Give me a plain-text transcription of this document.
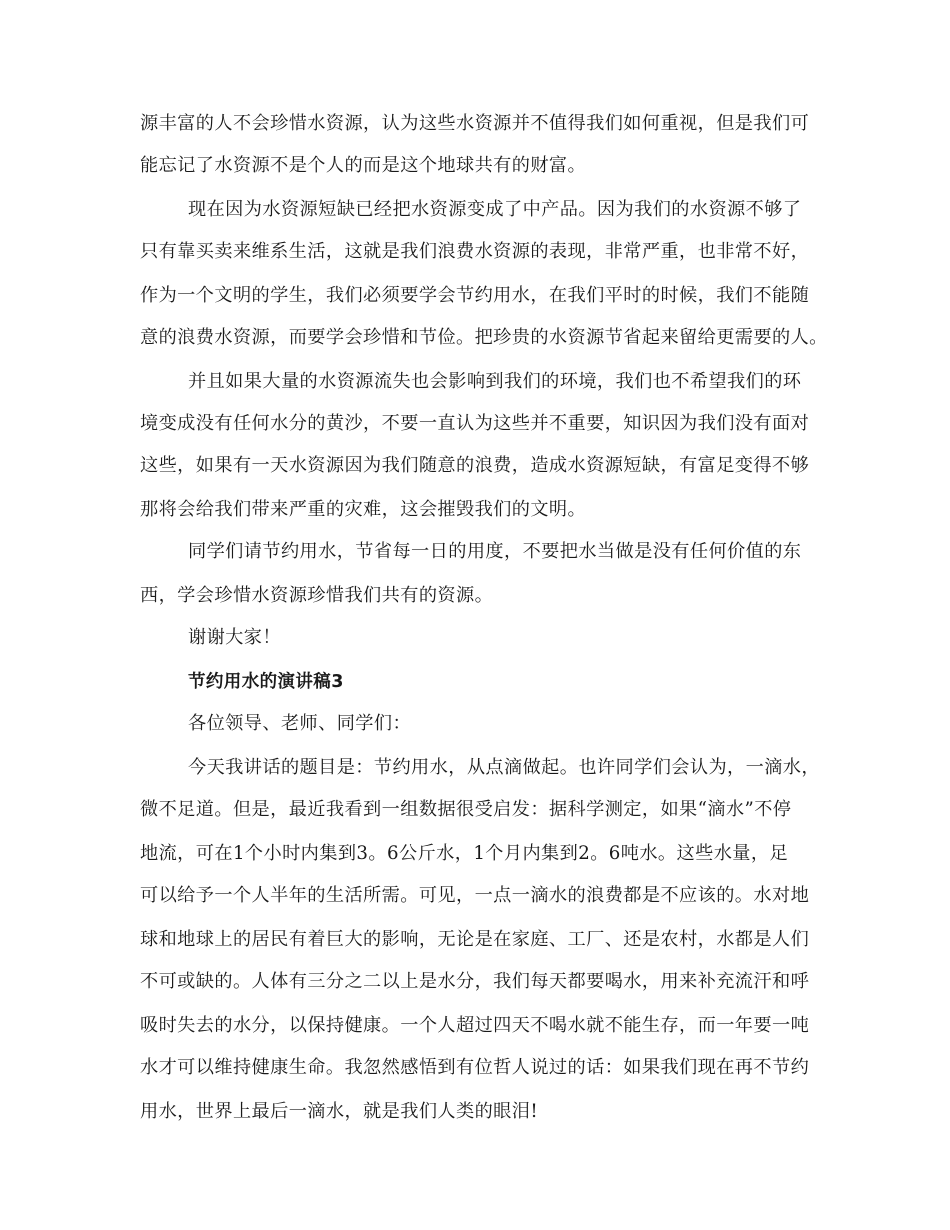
源丰富的人不会珍惜水资源，认为这些水资源并不值得我们如何重视，但是我们可
能忘记了水资源不是个人的而是这个地球共有的财富。
现在因为水资源短缺已经把水资源变成了中产品。因为我们的水资源不够了
只有靠买卖来维系生活，这就是我们浪费水资源的表现，非常严重，也非常不好，
作为一个文明的学生，我们必须要学会节约用水，在我们平时的时候，我们不能随
意的浪费水资源，而要学会珍惜和节俭。把珍贵的水资源节省起来留给更需要的人。
并且如果大量的水资源流失也会影响到我们的环境，我们也不希望我们的环
境变成没有任何水分的黄沙，不要一直认为这些并不重要，知识因为我们没有面对
这些，如果有一天水资源因为我们随意的浪费，造成水资源短缺，有富足变得不够
那将会给我们带来严重的灾难，这会摧毁我们的文明。
同学们请节约用水，节省每一日的用度，不要把水当做是没有任何价值的东
西，学会珍惜水资源珍惜我们共有的资源。
谢谢大家！
节约用水的演讲稿3
各位领导、老师、同学们：
今天我讲话的题目是：节约用水，从点滴做起。也许同学们会认为，一滴水，
微不足道。但是，最近我看到一组数据很受启发：据科学测定，如果“滴水”不停
地流，可在1个小时内集到3。6公斤水，1个月内集到2。6吨水。这些水量，足
可以给予一个人半年的生活所需。可见，一点一滴水的浪费都是不应该的。水对地
球和地球上的居民有着巨大的影响，无论是在家庭、工厂、还是农村，水都是人们
不可或缺的。人体有三分之二以上是水分，我们每天都要喝水，用来补充流汗和呼
吸时失去的水分，以保持健康。一个人超过四天不喝水就不能生存，而一年要一吨
水才可以维持健康生命。我忽然感悟到有位哲人说过的话：如果我们现在再不节约
用水，世界上最后一滴水，就是我们人类的眼泪!
